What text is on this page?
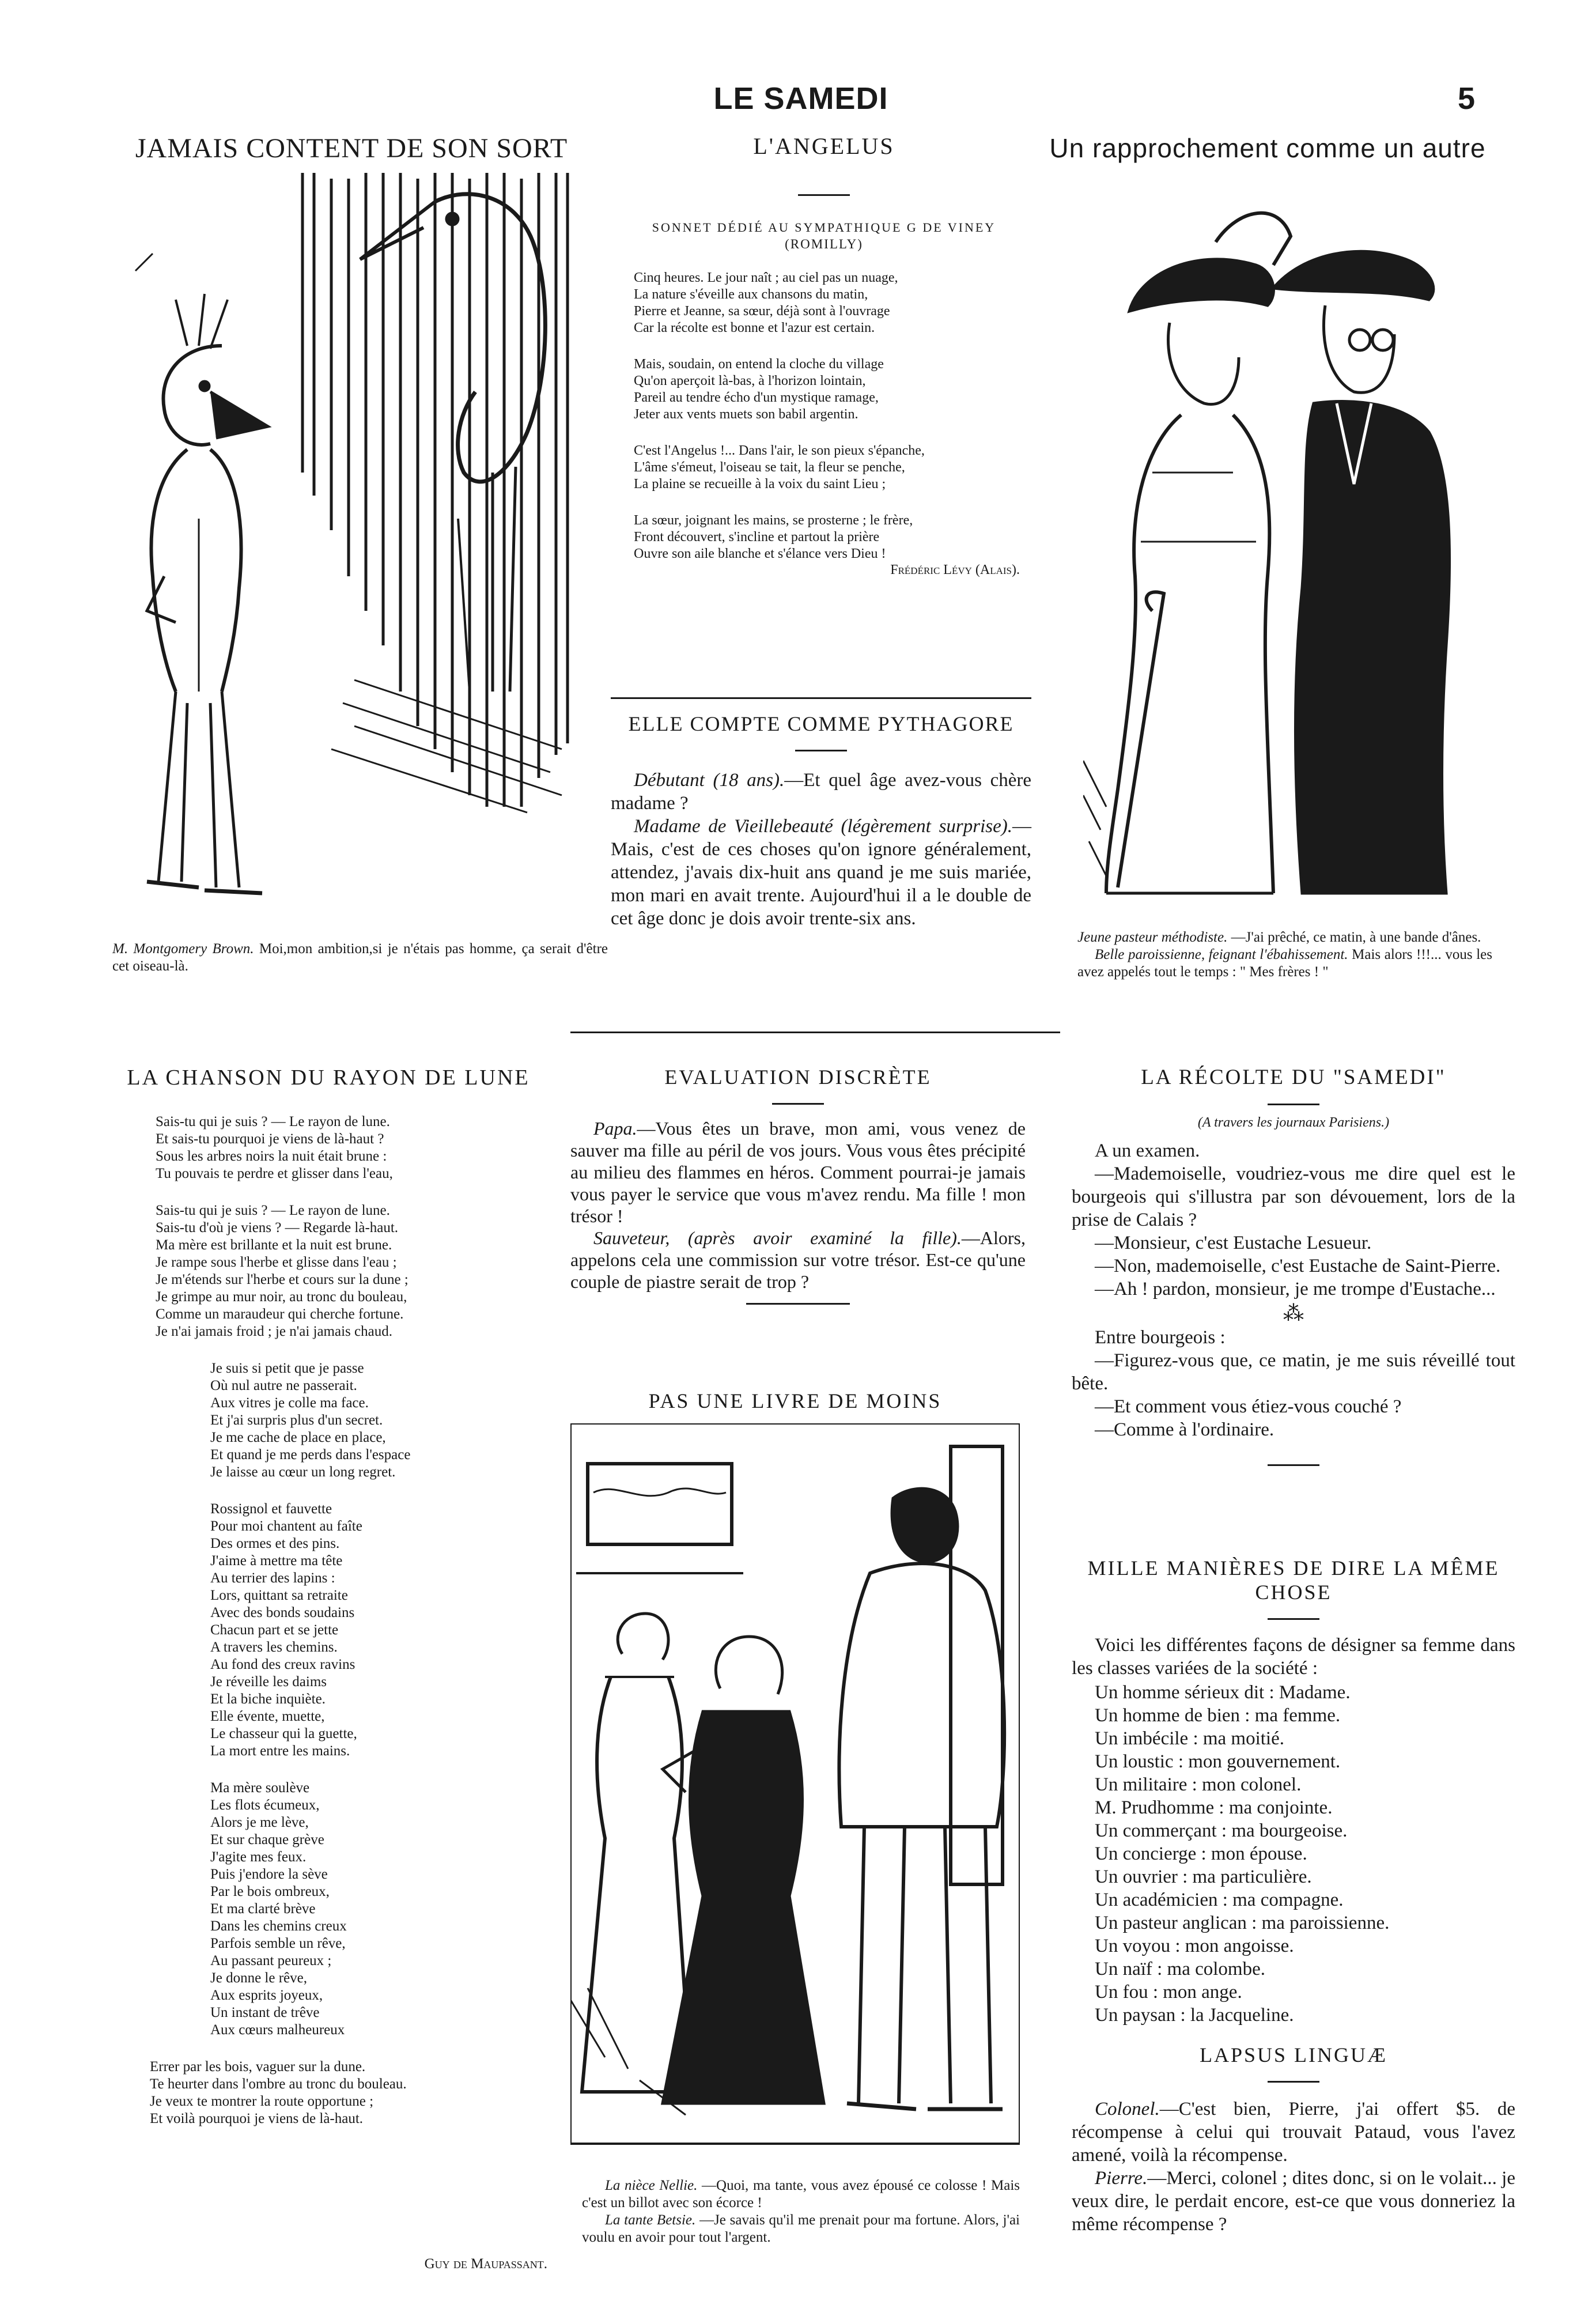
LE SAMEDI	5
JAMAIS CONTENT DE SON SORT
M. Montgomery Brown. Moi,mon ambition,si je n'étais pas homme, ça serait d'être cet oiseau-là.
L'ANGELUS
SONNET DÉDIÉ AU SYMPATHIQUE G DE VINEY
(ROMILLY)
Cinq heures. Le jour naît ; au ciel pas un nuage,
La nature s'éveille aux chansons du matin,
Pierre et Jeanne, sa sœur, déjà sont à l'ouvrage
Car la récolte est bonne et l'azur est certain.
Mais, soudain, on entend la cloche du village
Qu'on aperçoit là-bas, à l'horizon lointain,
Pareil au tendre écho d'un mystique ramage,
Jeter aux vents muets son babil argentin.
C'est l'Angelus !... Dans l'air, le son pieux s'épanche,
L'âme s'émeut, l'oiseau se tait, la fleur se penche,
La plaine se recueille à la voix du saint Lieu ;
La sœur, joignant les mains, se prosterne ; le frère,
Front découvert, s'incline et partout la prière
Ouvre son aile blanche et s'élance vers Dieu !
Frédéric Lévy (Alais).
ELLE COMPTE COMME PYTHAGORE

Débutant (18 ans).—Et quel âge avez-vous chère madame ?

Madame de Vieillebeauté (légèrement surprise).—Mais, c'est de ces choses qu'on ignore généralement, attendez, j'avais dix-huit ans quand je me suis mariée, mon mari en avait trente. Aujourd'hui il a le double de cet âge donc je dois avoir trente-six ans.

Un rapprochement comme un autre
Jeune pasteur méthodiste. —J'ai prêché, ce matin, à une bande d'ânes.
Belle paroissienne, feignant l'ébahissement. Mais alors !!!... vous les avez appelés tout le temps : " Mes frères ! "
LA CHANSON DU RAYON DE LUNE
Sais-tu qui je suis ? — Le rayon de lune.
Et sais-tu pourquoi je viens de là-haut ?
Sous les arbres noirs la nuit était brune :
Tu pouvais te perdre et glisser dans l'eau,
Sais-tu qui je suis ? — Le rayon de lune.
Sais-tu d'où je viens ? — Regarde là-haut.
Ma mère est brillante et la nuit est brune.
Je rampe sous l'herbe et glisse dans l'eau ;
Je m'étends sur l'herbe et cours sur la dune ;
Je grimpe au mur noir, au tronc du bouleau,
Comme un maraudeur qui cherche fortune.
Je n'ai jamais froid ; je n'ai jamais chaud.
Je suis si petit que je passe
Où nul autre ne passerait.
Aux vitres je colle ma face.
Et j'ai surpris plus d'un secret.
Je me cache de place en place,
Et quand je me perds dans l'espace
Je laisse au cœur un long regret.
Rossignol et fauvette
Pour moi chantent au faîte
Des ormes et des pins.
J'aime à mettre ma tête
Au terrier des lapins :
Lors, quittant sa retraite
Avec des bonds soudains
Chacun part et se jette
A travers les chemins.
Au fond des creux ravins
Je réveille les daims
Et la biche inquiète.
Elle évente, muette,
Le chasseur qui la guette,
La mort entre les mains.
Ma mère soulève
Les flots écumeux,
Alors je me lève,
Et sur chaque grève
J'agite mes feux.
Puis j'endore la sève
Par le bois ombreux,
Et ma clarté brève
Dans les chemins creux
Parfois semble un rêve,
Au passant peureux ;
Je donne le rêve,
Aux esprits joyeux,
Un instant de trêve
Aux cœurs malheureux
Errer par les bois, vaguer sur la dune.
Te heurter dans l'ombre au tronc du bouleau.
Je veux te montrer la route opportune ;
Et voilà pourquoi je viens de là-haut.
Guy de Maupassant.
EVALUATION DISCRÈTE

Papa.—Vous êtes un brave, mon ami, vous venez de sauver ma fille au péril de vos jours. Vous vous êtes précipité au milieu des flammes en héros. Comment pourrai-je jamais vous payer le service que vous m'avez rendu. Ma fille ! mon trésor !

Sauveteur, (après avoir examiné la fille).—Alors, appelons cela une commission sur votre trésor. Est-ce qu'une couple de piastre serait de trop ?

PAS UNE LIVRE DE MOINS
La nièce Nellie. —Quoi, ma tante, vous avez épousé ce colosse ! Mais c'est un billot avec son écorce !
La tante Betsie. —Je savais qu'il me prenait pour ma fortune. Alors, j'ai voulu en avoir pour tout l'argent.
LA RÉCOLTE DU "SAMEDI"
(A travers les journaux Parisiens.)

A un examen.

—Mademoiselle, voudriez-vous me dire quel est le bourgeois qui s'illustra par son dévouement, lors de la prise de Calais ?

—Monsieur, c'est Eustache Lesueur.

—Non, mademoiselle, c'est Eustache de Saint-Pierre.

—Ah ! pardon, monsieur, je me trompe d'Eustache...

⁂

Entre bourgeois :

—Figurez-vous que, ce matin, je me suis réveillé tout bête.

—Et comment vous étiez-vous couché ?

—Comme à l'ordinaire.

MILLE MANIÈRES DE DIRE LA MÊME
CHOSE

Voici les différentes façons de désigner sa femme dans les classes variées de la société :

Un homme sérieux dit : Madame.
Un homme de bien : ma femme.
Un imbécile : ma moitié.
Un loustic : mon gouvernement.
Un militaire : mon colonel.
M. Prudhomme : ma conjointe.
Un commerçant : ma bourgeoise.
Un concierge : mon épouse.
Un ouvrier : ma particulière.
Un académicien : ma compagne.
Un pasteur anglican : ma paroissienne.
Un voyou : mon angoisse.
Un naïf : ma colombe.
Un fou : mon ange.
Un paysan : la Jacqueline.
LAPSUS LINGUÆ

Colonel.—C'est bien, Pierre, j'ai offert $5. de récompense à celui qui trouvait Pataud, vous l'avez amené, voilà la récompense.

Pierre.—Merci, colonel ; dites donc, si on le volait... je veux dire, le perdait encore, est-ce que vous donneriez la même récompense ?
